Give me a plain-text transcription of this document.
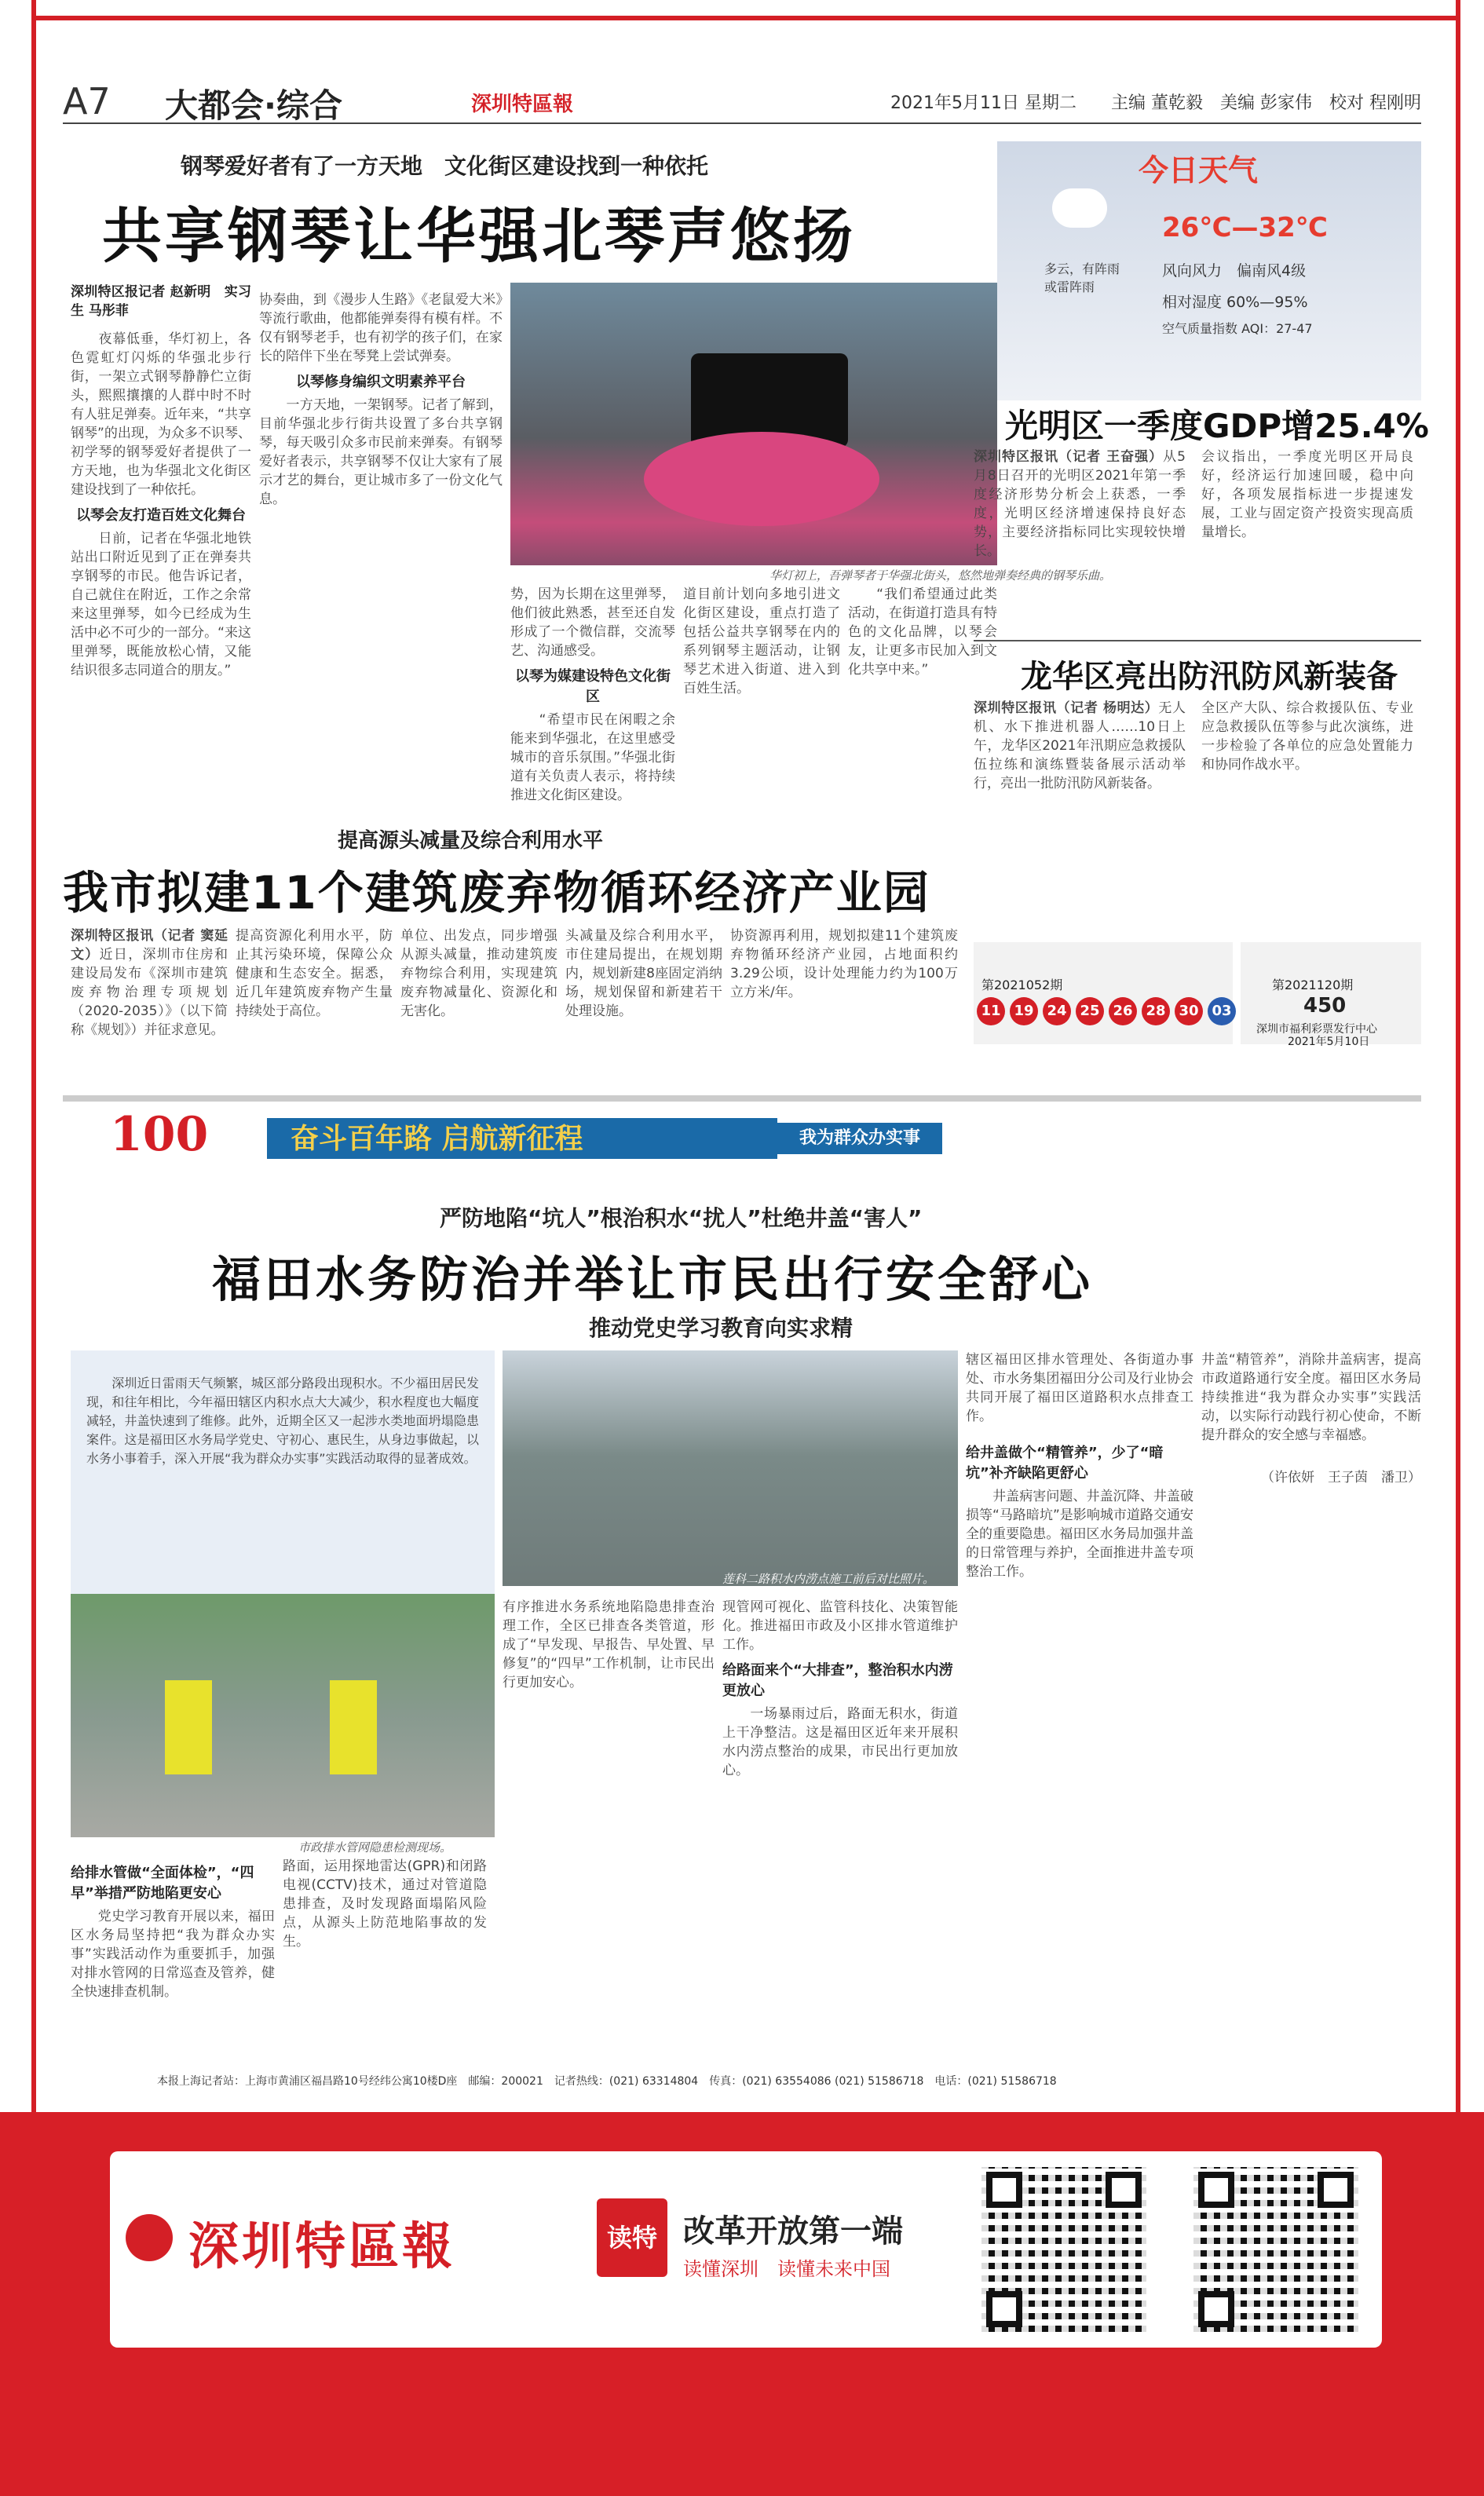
A7 大都会·综合	深圳特區報	2021年5月11日 星期二　　主编 董乾毅　美编 彭家伟　校对 程刚明
钢琴爱好者有了一方天地　文化街区建设找到一种依托
共享钢琴让华强北琴声悠扬
深圳特区报记者 赵新明　实习生 马彤菲
　　夜幕低垂，华灯初上，各色霓虹灯闪烁的华强北步行街，一架立式钢琴静静伫立街头，熙熙攘攘的人群中时不时有人驻足弹奏。近年来，“共享钢琴”的出现，为众多不识琴、初学琴的钢琴爱好者提供了一方天地，也为华强北文化街区建设找到了一种依托。
以琴会友打造百姓文化舞台
　　日前，记者在华强北地铁站出口附近见到了正在弹奏共享钢琴的市民。他告诉记者，自己就住在附近，工作之余常来这里弹琴，如今已经成为生活中必不可少的一部分。“来这里弹琴，既能放松心情，又能结识很多志同道合的朋友。”
协奏曲，到《漫步人生路》《老鼠爱大米》等流行歌曲，他都能弹奏得有模有样。不仅有钢琴老手，也有初学的孩子们，在家长的陪伴下坐在琴凳上尝试弹奏。
以琴修身编织文明素养平台
　　一方天地，一架钢琴。记者了解到，目前华强北步行街共设置了多台共享钢琴，每天吸引众多市民前来弹奏。有钢琴爱好者表示，共享钢琴不仅让大家有了展示才艺的舞台，更让城市多了一份文化气息。
华灯初上，吾弹琴者于华强北街头，悠然地弹奏经典的钢琴乐曲。
势，因为长期在这里弹琴，他们彼此熟悉，甚至还自发形成了一个微信群，交流琴艺、沟通感受。
以琴为媒建设特色文化街区
　　“希望市民在闲暇之余能来到华强北，在这里感受城市的音乐氛围。”华强北街道有关负责人表示，将持续推进文化街区建设。
道目前计划向多地引进文化街区建设，重点打造了包括公益共享钢琴在内的系列钢琴主题活动，让钢琴艺术进入街道、进入到百姓生活。
　　“我们希望通过此类活动，在街道打造具有特色的文化品牌，以琴会友，让更多市民加入到文化共享中来。”
今日天气
26℃—32℃
多云，有阵雨
或雷阵雨
风向风力　偏南风4级
相对湿度 60%—95%
空气质量指数 AQI：27-47
光明区一季度GDP增25.4%
深圳特区报讯（记者 王奋强）从5月8日召开的光明区2021年第一季度经济形势分析会上获悉，一季度，光明区经济增速保持良好态势，主要经济指标同比实现较快增长。
会议指出，一季度光明区开局良好，经济运行加速回暖，稳中向好，各项发展指标进一步提速发展，工业与固定资产投资实现高质量增长。
龙华区亮出防汛防风新装备
深圳特区报讯（记者 杨明达）无人机、水下推进机器人……10日上午，龙华区2021年汛期应急救援队伍拉练和演练暨装备展示活动举行，亮出一批防汛防风新装备。
全区产大队、综合救援队伍、专业应急救援队伍等参与此次演练，进一步检验了各单位的应急处置能力和协同作战水平。
提高源头减量及综合利用水平
我市拟建11个建筑废弃物循环经济产业园
深圳特区报讯（记者 窦延文）近日，深圳市住房和建设局发布《深圳市建筑废弃物治理专项规划（2020-2035）》（以下简称《规划》）并征求意见。
提高资源化利用水平，防止其污染环境，保障公众健康和生态安全。据悉，近几年建筑废弃物产生量持续处于高位。
单位、出发点，同步增强从源头减量，推动建筑废弃物综合利用，实现建筑废弃物减量化、资源化和无害化。
头减量及综合利用水平，市住建局提出，在规划期内，规划新建8座固定消纳场，规划保留和新建若干处理设施。
协资源再利用，规划拟建11个建筑废弃物循环经济产业园，占地面积约3.29公顷，设计处理能力约为100万立方米/年。	第2021052期
11 19 24 25 26 28 30 03
第2021120期
450
深圳市福利彩票发行中心
2021年5月10日
100	奋斗百年路 启航新征程	我为群众办实事
严防地陷“坑人”根治积水“扰人”杜绝井盖“害人”
福田水务防治并举让市民出行安全舒心
推动党史学习教育向实求精
　　深圳近日雷雨天气频繁，城区部分路段出现积水。不少福田居民发现，和往年相比，今年福田辖区内积水点大大减少，积水程度也大幅度减轻，井盖快速到了维修。此外，近期全区又一起涉水类地面坍塌隐患案件。这是福田区水务局学党史、守初心、惠民生，从身边事做起，以水务小事着手，深入开展“我为群众办实事”实践活动取得的显著成效。
莲科二路积水内涝点施工前后对比照片。
市政排水管网隐患检测现场。
给排水管做“全面体检”，“四早”举措严防地陷更安心
　　党史学习教育开展以来，福田区水务局坚持把“我为群众办实事”实践活动作为重要抓手，加强对排水管网的日常巡查及管养，健全快速排查机制。
路面，运用探地雷达(GPR)和闭路电视(CCTV)技术，通过对管道隐患排查，及时发现路面塌陷风险点，从源头上防范地陷事故的发生。
有序推进水务系统地陷隐患排查治理工作，全区已排查各类管道，形成了“早发现、早报告、早处置、早修复”的“四早”工作机制，让市民出行更加安心。
现管网可视化、监管科技化、决策智能化。推进福田市政及小区排水管道维护工作。
给路面来个“大排查”，整治积水内涝更放心
　　一场暴雨过后，路面无积水，街道上干净整洁。这是福田区近年来开展积水内涝点整治的成果，市民出行更加放心。
辖区福田区排水管理处、各街道办事处、市水务集团福田分公司及行业协会共同开展了福田区道路积水点排查工作。
给井盖做个“精管养”，少了“暗坑”补齐缺陷更舒心
　　井盖病害问题、井盖沉降、井盖破损等“马路暗坑”是影响城市道路交通安全的重要隐患。福田区水务局加强井盖的日常管理与养护，全面推进井盖专项整治工作。
井盖“精管养”，消除井盖病害，提高市政道路通行安全度。福田区水务局持续推进“我为群众办实事”实践活动，以实际行动践行初心使命，不断提升群众的安全感与幸福感。
（许依妍　王子茵　潘卫）
本报上海记者站：上海市黄浦区福昌路10号经纬公寓10楼D座　邮编：200021　记者热线：(021) 63314804　传真：(021) 63554086 (021) 51586718　电话：(021) 51586718
深圳特區報	读特 改革开放第一端
读懂深圳　读懂未来中国
